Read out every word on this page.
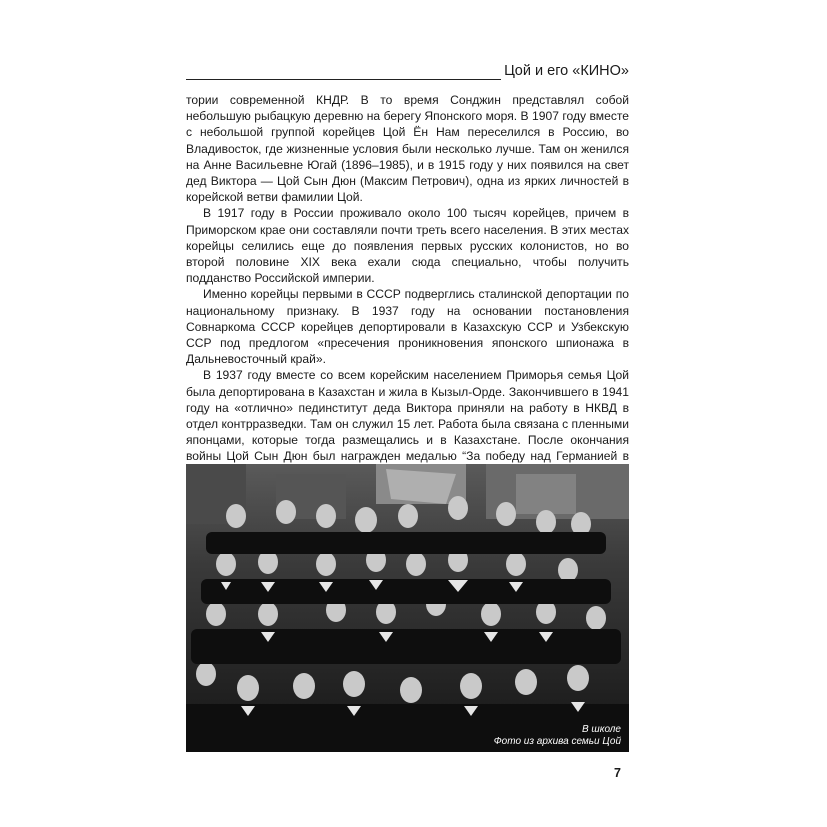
Цой и его «КИНО»

тории современной КНДР. В то время Сонджин представлял собой небольшую рыбацкую деревню на берегу Японского моря. В 1907 году вместе с небольшой группой корейцев Цой Ён Нам переселился в Россию, во Владивосток, где жизненные условия были несколько лучше. Там он женился на Анне Васильевне Югай (1896–1985), и в 1915 году у них появился на свет дед Виктора — Цой Сын Дюн (Максим Петрович), одна из ярких личностей в корейской ветви фамилии Цой.

В 1917 году в России проживало около 100 тысяч корейцев, причем в Приморском крае они составляли почти треть всего населения. В этих местах корейцы селились еще до появления первых русских колонистов, но во второй половине XIX века ехали сюда специально, чтобы получить подданство Российской империи.

Именно корейцы первыми в СССР подверглись сталинской депортации по национальному признаку. В 1937 году на основании постановления Совнаркома СССР корейцев депортировали в Казахскую ССР и Узбекскую ССР под предлогом «пресечения проникновения японского шпионажа в Дальневосточный край».

В 1937 году вместе со всем корейским населением Приморья семья Цой была депортирована в Казахстан и жила в Кызыл-Орде. Закончившего в 1941 году на «отлично» пединститут деда Виктора приняли на работу в НКВД в отдел контрразведки. Там он служил 15 лет. Работа была связана с пленными японцами, которые тогда размещались и в Казахстане. После окончания войны Цой Сын Дюн был награжден медалью “За победу над Германией в

В школе
Фото из архива семьи Цой
7
